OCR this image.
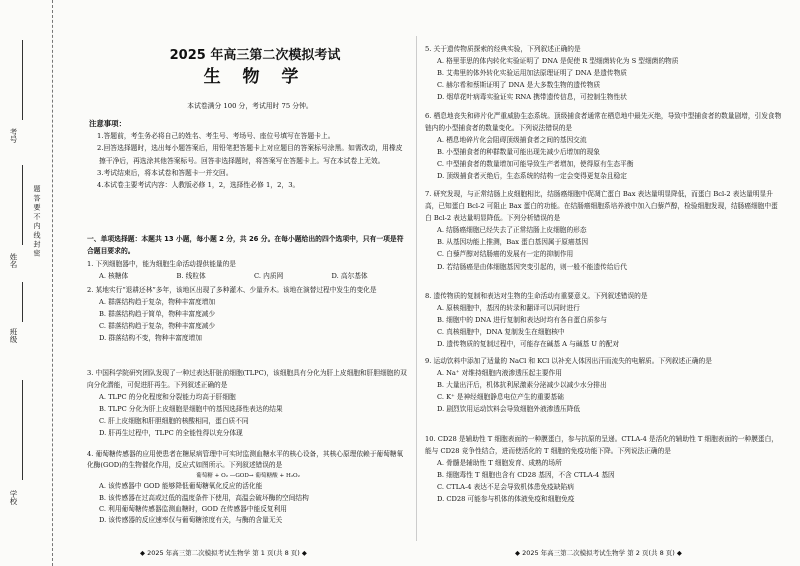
考号
姓名
班级
学校
题 答 要 不 内 线 封 密
2025 年高三第二次模拟考试
生 物 学
本试卷满分 100 分，考试用时 75 分钟。
注意事项：

1.答题前，考生务必将自己的姓名、考生号、考场号、座位号填写在答题卡上。

2.回答选择题时，选出每小题答案后，用铅笔把答题卡上对应题目的答案标号涂黑。如需改动，用橡皮擦干净后，再选涂其他答案标号。回答非选择题时，将答案写在答题卡上。写在本试卷上无效。

3.考试结束后，将本试卷和答题卡一并交回。

4.本试卷主要考试内容：人教版必修 1，2，选择性必修 1，2，3。

一、单项选择题：本题共 13 小题，每小题 2 分，共 26 分。在每小题给出的四个选项中，只有一项是符合题目要求的。

1. 下列细胞器中，能为细胞生命活动提供能量的是

A. 核糖体	B. 线粒体	C. 内质网	D. 高尔基体

2. 某地实行“退耕还林”多年，该地区出现了多种灌木、少量乔木。该地在演替过程中发生的变化是

A. 群落结构趋于复杂，物种丰富度增加

B. 群落结构趋于简单，物种丰富度减少

C. 群落结构趋于复杂，物种丰富度减少

D. 群落结构不变，物种丰富度增加

3. 中国科学院研究团队发现了一种过表达肝脏前细胞(TLPC)，该细胞具有分化为肝上皮细胞和肝胆细胞的双向分化潜能，可促进肝再生。下列叙述正确的是

A. TLPC 的分化程度和分裂能力均高于肝细胞

B. TLPC 分化为肝上皮细胞是细胞中的基因选择性表达的结果

C. 肝上皮细胞和肝胆细胞的核酸相同，蛋白质不同

D. 肝再生过程中，TLPC 的全能性得以充分体现

4. 葡萄糖传感器的应用使患者在糖尿病管理中可实时监测血糖水平的核心设备，其核心原理依赖于葡萄糖氧化酶(GOD)的生物催化作用，反应式如图所示。下列叙述错误的是

葡萄糖 + O₂ —GOD→ 葡萄糖酸 + H₂O₂

A. 该传感器中 GOD 能够降低葡萄糖氧化反应的活化能

B. 该传感器在过高或过低的温度条件下使用，高温会破坏酶的空间结构

C. 利用葡萄糖传感器监测血糖时，GOD 在传感器中能反复利用

D. 该传感器的反应速率仅与葡萄糖浓度有关，与酶的含量无关

5. 关于遗传物质探索的经典实验，下列叙述正确的是

A. 格里菲思的体内转化实验证明了 DNA 是促使 R 型细菌转化为 S 型细菌的物质

B. 艾弗里的体外转化实验运用加法原理证明了 DNA 是遗传物质

C. 赫尔希和蔡斯证明了 DNA 是大多数生物的遗传物质

D. 烟草花叶病毒实验证实 RNA 携带遗传信息，可控制生物性状

6. 栖息地丧失和碎片化严重威胁生态系统。顶级捕食者通常在栖息地中最先灭绝，导致中型捕食者的数量剧增，引发食物链内的小型捕食者的数量变化。下列说法错误的是

A. 栖息地碎片化会阻碍顶级捕食者之间的基因交流

B. 小型捕食者的种群数量可能出现先减少后增加的现象

C. 中型捕食者的数量增加可能导致生产者增加，使得原有生态平衡

D. 顶级捕食者灭绝后，生态系统的结构一定会变得更复杂且稳定

7. 研究发现，与正常结肠上皮细胞相比，结肠癌细胞中促凋亡蛋白 Bax 表达量明显降低，而蛋白 Bcl-2 表达量明显升高，已知蛋白 Bcl-2 可阻止 Bax 蛋白的功能。在结肠癌细胞系培养液中加入白藜芦醇，检验细胞发现，结肠癌细胞中蛋白 Bcl-2 表达量明显降低。下列分析错误的是

A. 结肠癌细胞已经失去了正常结肠上皮细胞的形态

B. 从基因功能上推测，Bax 蛋白基因属于原癌基因

C. 白藜芦醇对结肠癌的发展有一定的抑制作用

D. 若结肠癌是由体细胞基因突变引起的，则一般不能遗传给后代

8. 遗传物质的复制和表达对生物的生命活动有重要意义。下列叙述错误的是

A. 原核细胞中，基因的转录和翻译可以同时进行

B. 细胞中的 DNA 进行复制和表达时均有各自蛋白质参与

C. 真核细胞中，DNA 复制发生在细胞核中

D. 遗传物质的复制过程中，可能存在碱基 A 与碱基 U 的配对

9. 运动饮料中添加了适量的 NaCl 和 KCl 以补充人体因出汗而流失的电解质。下列叙述正确的是

A. Na⁺ 对维持细胞内液渗透压起主要作用

B. 大量出汗后，机体抗利尿激素分泌减少以减少水分排出

C. K⁺ 是神经细胞静息电位产生的重要基础

D. 剧烈饮用运动饮料会导致细胞外液渗透压降低

10. CD28 是辅助性 T 细胞表面的一种膜蛋白，参与抗原的呈递。CTLA-4 是活化的辅助性 T 细胞表面的一种膜蛋白，能与 CD28 竞争性结合，进而使活化的 T 细胞的免疫功能下降。下列说法正确的是

A. 骨髓是辅助性 T 细胞发育、成熟的场所

B. 细胞毒性 T 细胞也含有 CD28 基因，不含 CTLA-4 基因

C. CTLA-4 表达不足会导致机体患免疫缺陷病

D. CD28 可能参与机体的体液免疫和细胞免疫

◆ 2025 年高三第二次模拟考试生物学 第 1 页(共 8 页) ◆	◆ 2025 年高三第二次模拟考试生物学 第 2 页(共 8 页) ◆
